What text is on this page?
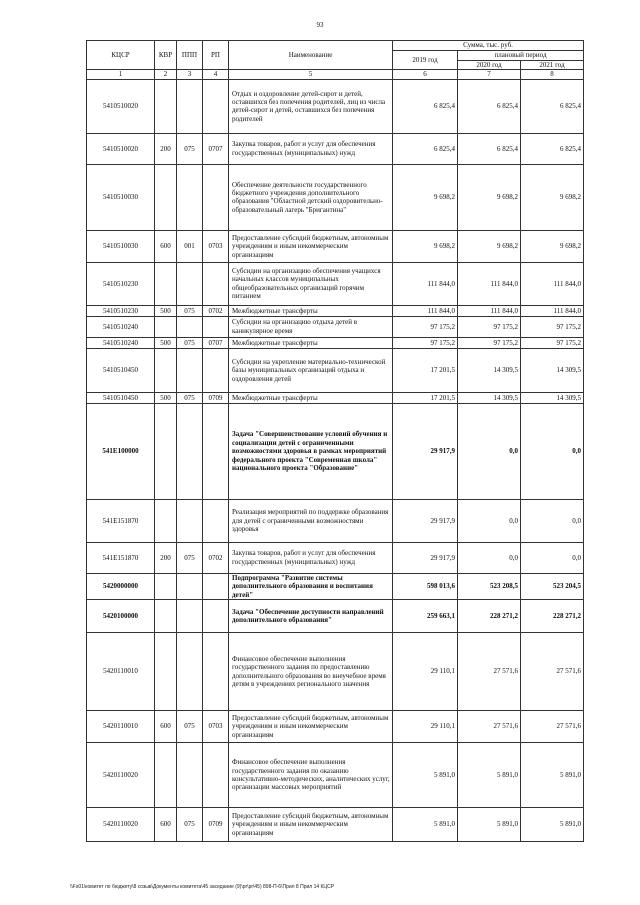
93
КЦСР	КВР	ППП	РП	Наименование	Сумма, тыс. руб.		
					2019 год	плановый период	
						2020 год	2021 год
1	2	3	4	5	6	7	8
5410510020				Отдых и оздоровление детей-сирот и детей, оставшихся без попечения родителей, лиц из числа детей-сирот и детей, оставшихся без попечения родителей	6 825,4	6 825,4	6 825,4
5410510020	200	075	0707	Закупка товаров, работ и услуг для обеспечения государственных (муниципальных) нужд	6 825,4	6 825,4	6 825,4
5410510030				Обеспечение деятельности государственного бюджетного учреждения дополнительного образования "Областной детский оздоровительно-образовательный лагерь "Бригантина"	9 698,2	9 698,2	9 698,2
5410510030	600	001	0703	Предоставление субсидий бюджетным, автономным учреждениям и иным некоммерческим организациям	9 698,2	9 698,2	9 698,2
5410510230				Субсидии на организацию обеспечения учащихся начальных классов муниципальных общеобразовательных организаций горячим питанием	111 844,0	111 844,0	111 844,0
5410510230	500	075	0702	Межбюджетные трансферты	111 844,0	111 844,0	111 844,0
5410510240				Субсидии на организацию отдыха детей в каникулярное время	97 175,2	97 175,2	97 175,2
5410510240	500	075	0707	Межбюджетные трансферты	97 175,2	97 175,2	97 175,2
5410510450				Субсидии на укрепление материально-технической базы муниципальных организаций отдыха и оздоровления детей	17 201,5	14 309,5	14 309,5
5410510450	500	075	0709	Межбюджетные трансферты	17 201,5	14 309,5	14 309,5
541E100000				Задача "Совершенствование условий обучения и социализации детей с ограниченными возможностями здоровья в рамках мероприятий федерального проекта "Современная школа" национального проекта "Образование"	29 917,9	0,0	0,0
541E151870				Реализация мероприятий по поддержке образования для детей с ограниченными возможностями здоровья	29 917,9	0,0	0,0
541E151870	200	075	0702	Закупка товаров, работ и услуг для обеспечения государственных (муниципальных) нужд	29 917,9	0,0	0,0
5420000000				Подпрограмма "Развитие системы дополнительного образования и воспитания детей"	598 013,6	523 208,5	523 204,5
5420100000				Задача "Обеспечение доступности направлений дополнительного образования"	259 663,1	228 271,2	228 271,2
5420110010				Финансовое обеспечение выполнения государственного задания по предоставлению дополнительного образования во внеучебное время детям в учреждениях регионального значения	29 110,1	27 571,6	27 571,6
5420110010	600	075	0703	Предоставление субсидий бюджетным, автономным учреждениям и иным некоммерческим организациям	29 110,1	27 571,6	27 571,6
5420110020				Финансовое обеспечение выполнения государственного задания по оказанию консультативно-методических, аналитических услуг, организации массовых мероприятий	5 891,0	5 891,0	5 891,0
5420110020	600	075	0709	Предоставление субсидий бюджетным, автономным учреждениям и иным некоммерческим организациям	5 891,0	5 891,0	5 891,0
\\Fs01\комитет по бюджету\8 созыв\Документы комитета\45 заседание (9)\pr\pr\45) 898-П-6\Прил 8 Прил 14 КЦСР
